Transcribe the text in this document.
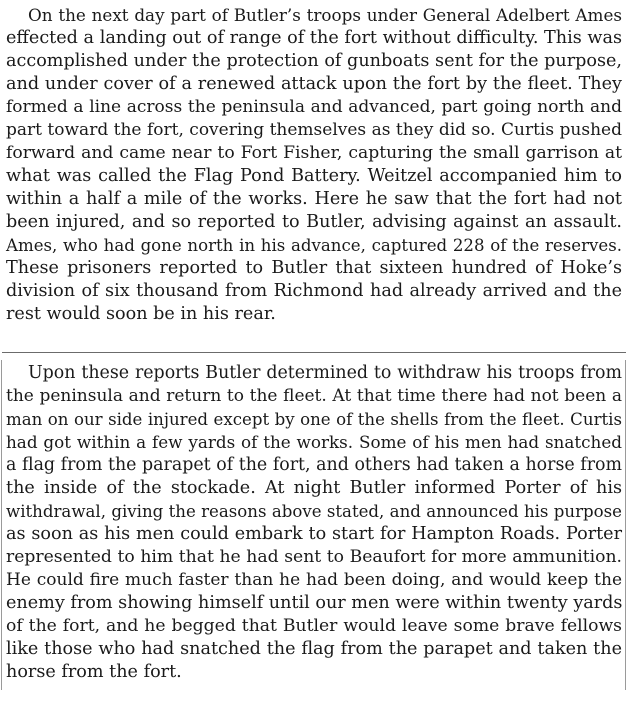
On the next day part of Butler’s troops under General Adelbert Ames

effected a landing out of range of the fort without difficulty. This was

accomplished under the protection of gunboats sent for the purpose,

and under cover of a renewed attack upon the fort by the fleet. They

formed a line across the peninsula and advanced, part going north and

part toward the fort, covering themselves as they did so. Curtis pushed

forward and came near to Fort Fisher, capturing the small garrison at

what was called the Flag Pond Battery. Weitzel accompanied him to

within a half a mile of the works. Here he saw that the fort had not

been injured, and so reported to Butler, advising against an assault.

Ames, who had gone north in his advance, captured 228 of the reserves.

These prisoners reported to Butler that sixteen hundred of Hoke’s

division of six thousand from Richmond had already arrived and the

rest would soon be in his rear.

Upon these reports Butler determined to withdraw his troops from

the peninsula and return to the fleet. At that time there had not been a

man on our side injured except by one of the shells from the fleet. Curtis

had got within a few yards of the works. Some of his men had snatched

a flag from the parapet of the fort, and others had taken a horse from

the inside of the stockade. At night Butler informed Porter of his

withdrawal, giving the reasons above stated, and announced his purpose

as soon as his men could embark to start for Hampton Roads. Porter

represented to him that he had sent to Beaufort for more ammunition.

He could fire much faster than he had been doing, and would keep the

enemy from showing himself until our men were within twenty yards

of the fort, and he begged that Butler would leave some brave fellows

like those who had snatched the flag from the parapet and taken the

horse from the fort.
